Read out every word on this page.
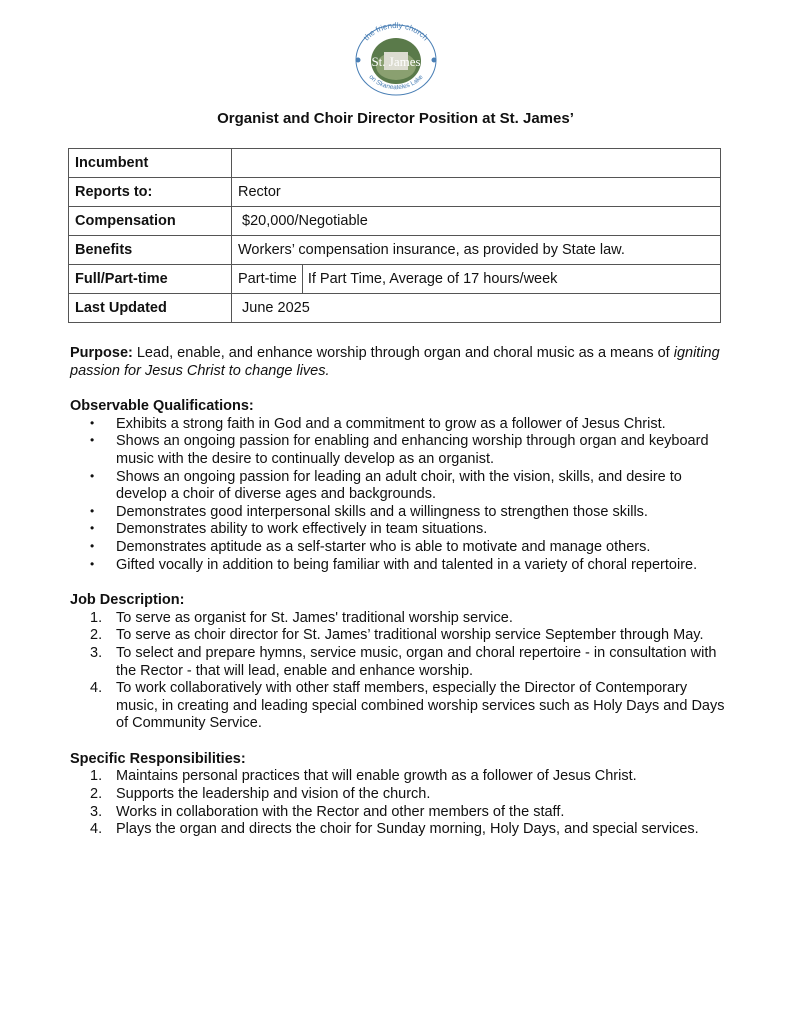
the friendly church
St. James
on Skaneateles Lake
Organist and Choir Director Position at St. James’
Incumbent	
Reports to:	Rector
Compensation	$20,000/Negotiable
Benefits	Workers’ compensation insurance, as provided by State law.
Full/Part-time	Part-time If Part Time, Average of 17 hours/week

Last Updated	June 2025

Purpose: Lead, enable, and enhance worship through organ and choral music as a means of igniting passion for Jesus Christ to change lives.

Observable Qualifications:
• Exhibits a strong faith in God and a commitment to grow as a follower of Jesus Christ.
• Shows an ongoing passion for enabling and enhancing worship through organ and keyboard music with the desire to continually develop as an organist.
• Shows an ongoing passion for leading an adult choir, with the vision, skills, and desire to develop a choir of diverse ages and backgrounds.
• Demonstrates good interpersonal skills and a willingness to strengthen those skills.
• Demonstrates ability to work effectively in team situations.
• Demonstrates aptitude as a self-starter who is able to motivate and manage others.
• Gifted vocally in addition to being familiar with and talented in a variety of choral repertoire.
Job Description:
1. To serve as organist for St. James' traditional worship service.
2. To serve as choir director for St. James’ traditional worship service September through May.
3. To select and prepare hymns, service music, organ and choral repertoire - in consultation with the Rector - that will lead, enable and enhance worship.
4. To work collaboratively with other staff members, especially the Director of Contemporary music, in creating and leading special combined worship services such as Holy Days and Days of Community Service.
Specific Responsibilities:
1. Maintains personal practices that will enable growth as a follower of Jesus Christ.
2. Supports the leadership and vision of the church.
3. Works in collaboration with the Rector and other members of the staff.
4. Plays the organ and directs the choir for Sunday morning, Holy Days, and special services.
